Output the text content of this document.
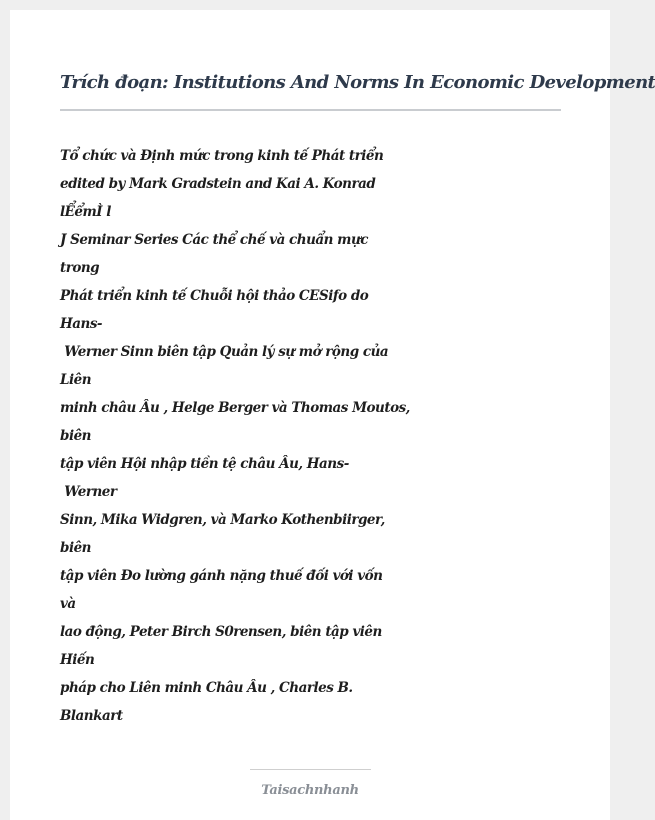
Trích đoạn: Institutions And Norms In Economic Development
Tổ chức và Định mức trong kinh tế Phát triển
edited by Mark Gradstein and Kai A. Konrad
lỂểmÌ l
J Seminar Series Các thể chế và chuẩn mực
trong
Phát triển kinh tế Chuỗi hội thảo CESifo do
Hans-
Werner Sinn biên tập Quản lý sự mở rộng của
Liên
minh châu Âu , Helge Berger và Thomas Moutos,
biên
tập viên Hội nhập tiền tệ châu Âu, Hans-
Werner
Sinn, Mika Widgren, và Marko Kothenbiirger,
biên
tập viên Đo lường gánh nặng thuế đối với vốn
và
lao động, Peter Birch S0rensen, biên tập viên
Hiến
pháp cho Liên minh Châu Âu , Charles B.
Blankart
Taisachnhanh
